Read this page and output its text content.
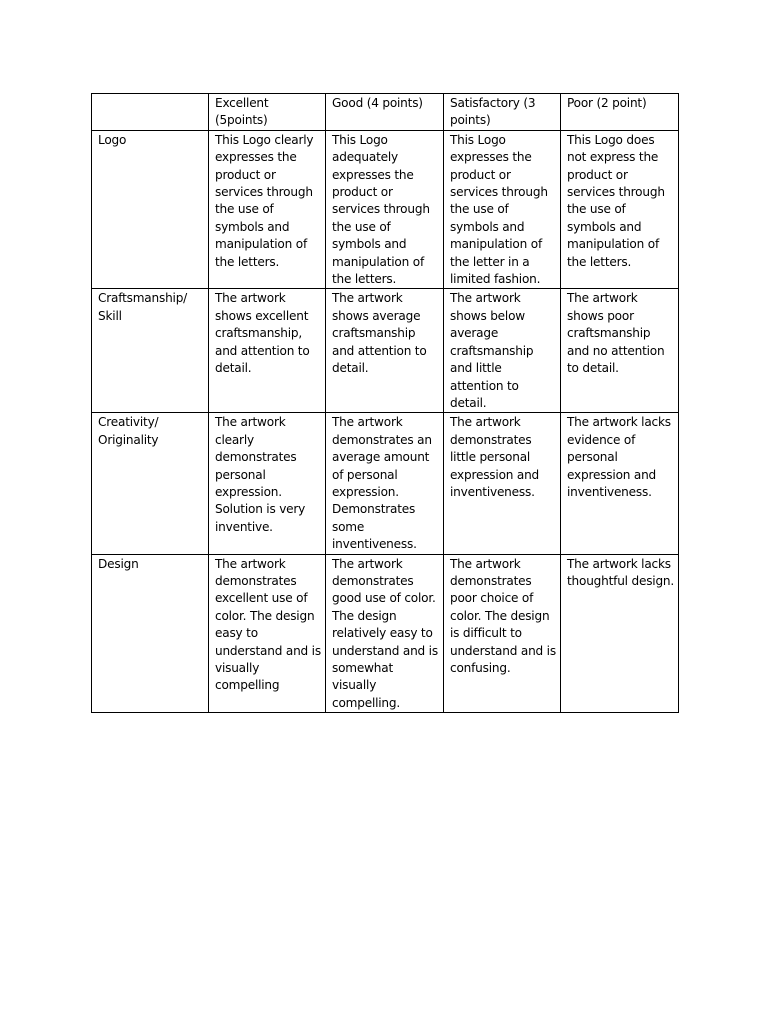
	Excellent (5points)	Good (4 points)	Satisfactory (3 points)	Poor (2 point)
Logo	This Logo clearly expresses the product or services through the use of symbols and manipulation of the letters.	This Logo adequately expresses the product or services through the use of symbols and manipulation of the letters.	This Logo expresses the product or services through the use of symbols and manipulation of the letter in a limited fashion.	This Logo does not express the product or services through the use of symbols and manipulation of the letters.
Craftsmanship/ Skill	The artwork shows excellent craftsmanship, and attention to detail.	The artwork shows average craftsmanship and attention to detail.	The artwork shows below average craftsmanship and little attention to detail.	The artwork shows poor craftsmanship and no attention to detail.
Creativity/ Originality	The artwork clearly demonstrates personal expression. Solution is very inventive.	The artwork demonstrates an average amount of personal expression. Demonstrates some inventiveness.	The artwork demonstrates little personal expression and inventiveness.	The artwork lacks evidence of personal expression and inventiveness.
Design	The artwork demonstrates excellent use of color. The design easy to understand and is visually compelling	The artwork demonstrates good use of color. The design relatively easy to understand and is somewhat visually compelling.	The artwork demonstrates poor choice of color. The design is difficult to understand and is confusing.	The artwork lacks thoughtful design.
